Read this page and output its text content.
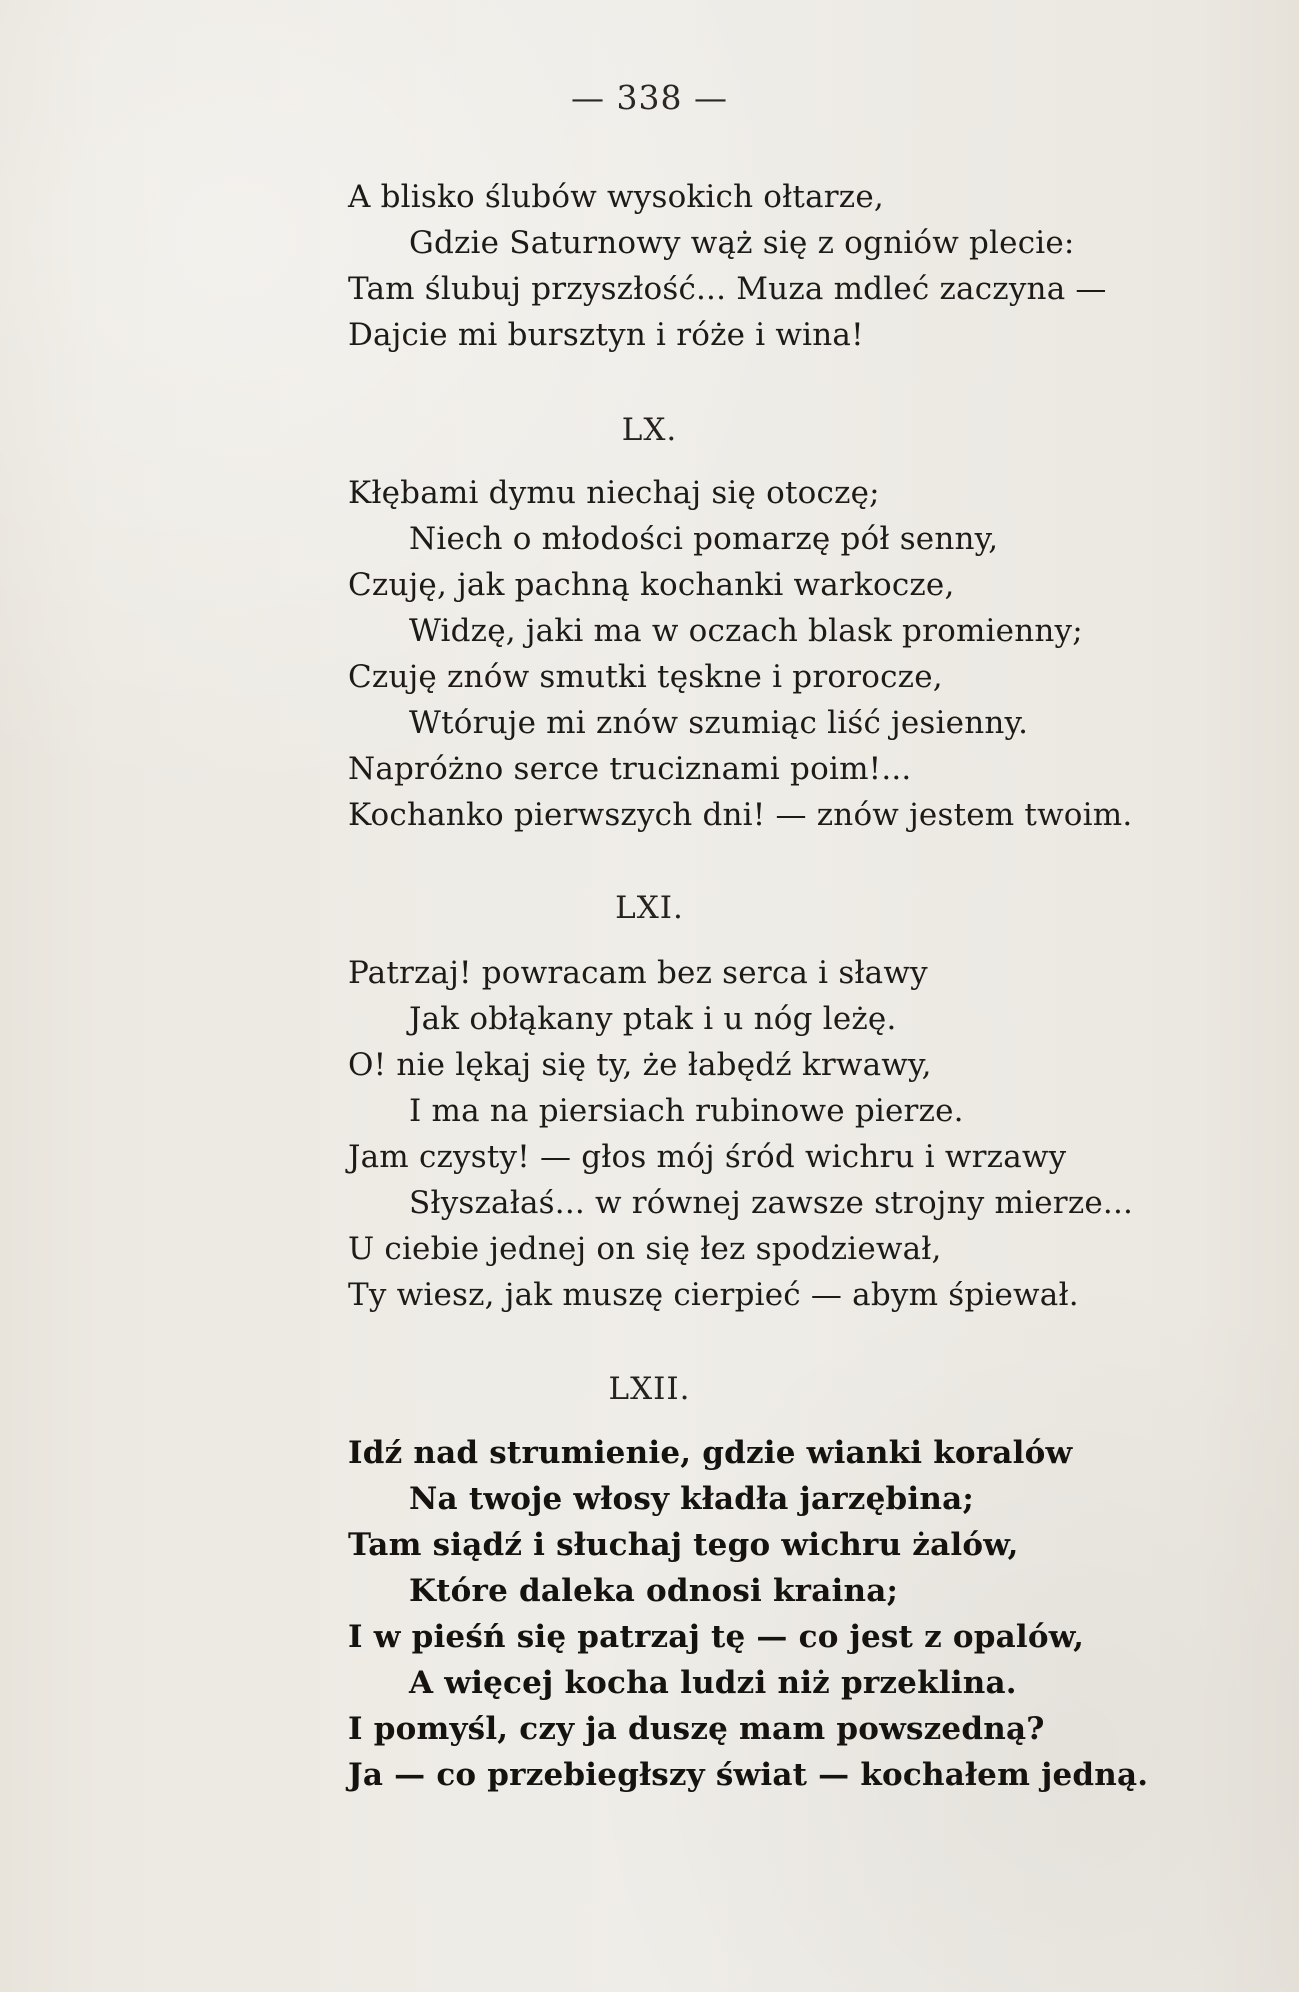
— 338 —
A blisko ślubów wysokich ołtarze,
Gdzie Saturnowy wąż się z ogniów plecie:
Tam ślubuj przyszłość... Muza mdleć zaczyna —
Dajcie mi bursztyn i róże i wina!
LX.
Kłębami dymu niechaj się otoczę;
Niech o młodości pomarzę pół senny,
Czuję, jak pachną kochanki warkocze,
Widzę, jaki ma w oczach blask promienny;
Czuję znów smutki tęskne i prorocze,
Wtóruje mi znów szumiąc liść jesienny.
Napróżno serce truciznami poim!...
Kochanko pierwszych dni! — znów jestem twoim.
LXI.
Patrzaj! powracam bez serca i sławy
Jak obłąkany ptak i u nóg leżę.
O! nie lękaj się ty, że łabędź krwawy,
I ma na piersiach rubinowe pierze.
Jam czysty! — głos mój śród wichru i wrzawy
Słyszałaś... w równej zawsze strojny mierze...
U ciebie jednej on się łez spodziewał,
Ty wiesz, jak muszę cierpieć — abym śpiewał.
LXII.
Idź nad strumienie, gdzie wianki koralów
Na twoje włosy kładła jarzębina;
Tam siądź i słuchaj tego wichru żalów,
Które daleka odnosi kraina;
I w pieśń się patrzaj tę — co jest z opalów,
A więcej kocha ludzi niż przeklina.
I pomyśl, czy ja duszę mam powszedną?
Ja — co przebiegłszy świat — kochałem jedną.
